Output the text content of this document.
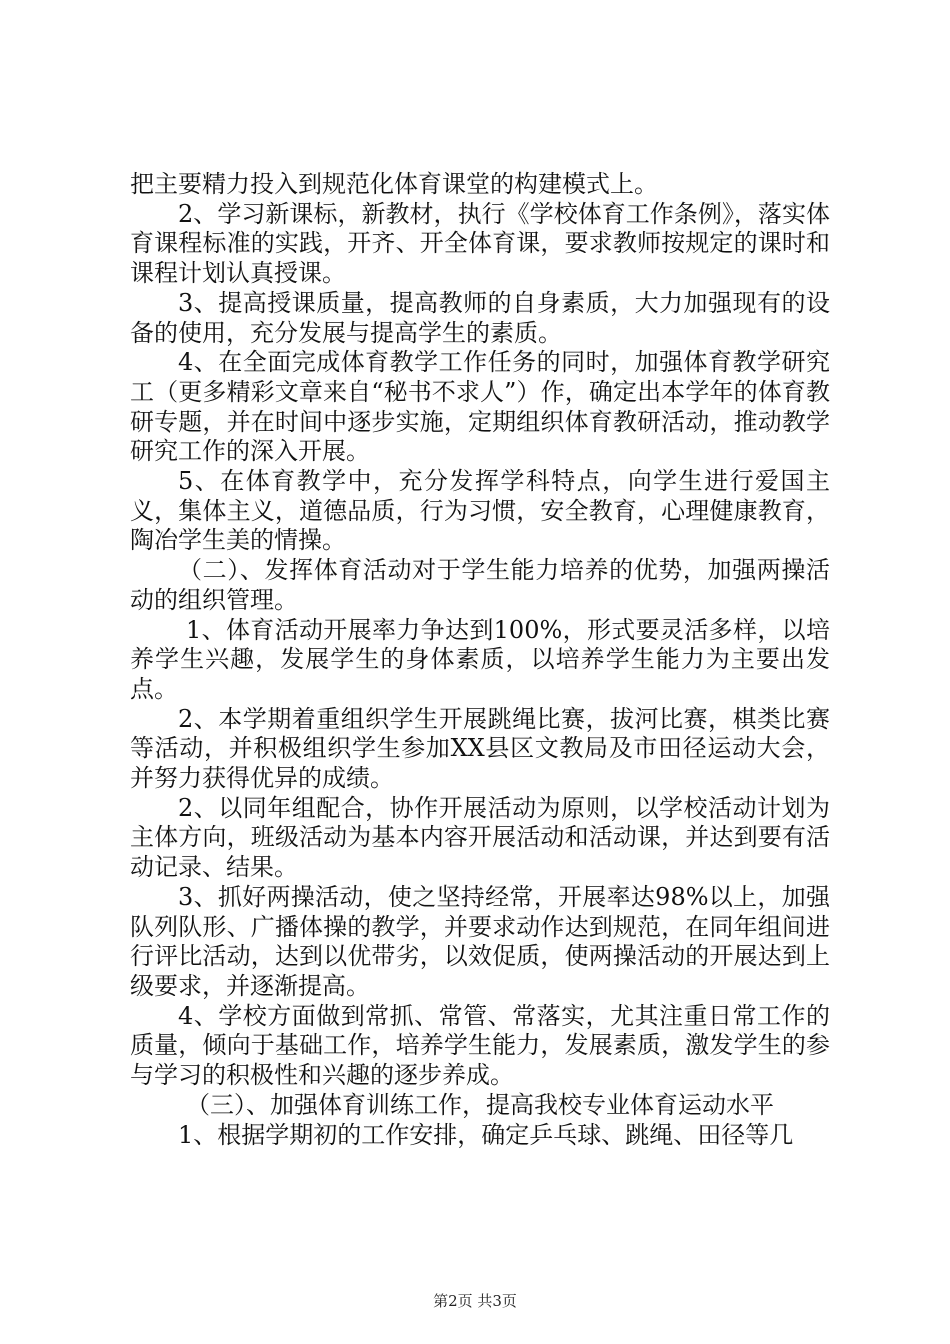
把主要精力投入到规范化体育课堂的构建模式上。

2、学习新课标，新教材，执行《学校体育工作条例》，落实体育课程标准的实践，开齐、开全体育课，要求教师按规定的课时和课程计划认真授课。

3、提高授课质量，提高教师的自身素质，大力加强现有的设备的使用，充分发展与提高学生的素质。

4、在全面完成体育教学工作任务的同时，加强体育教学研究工（更多精彩文章来自“秘书不求人”）作，确定出本学年的体育教研专题，并在时间中逐步实施，定期组织体育教研活动，推动教学研究工作的深入开展。

5、在体育教学中，充分发挥学科特点，向学生进行爱国主义，集体主义，道德品质，行为习惯，安全教育，心理健康教育，陶冶学生美的情操。

（二）、发挥体育活动对于学生能力培养的优势，加强两操活动的组织管理。

1、体育活动开展率力争达到100%，形式要灵活多样，以培养学生兴趣，发展学生的身体素质，以培养学生能力为主要出发点。

2、本学期着重组织学生开展跳绳比赛，拔河比赛，棋类比赛等活动，并积极组织学生参加XX县区文教局及市田径运动大会，并努力获得优异的成绩。

2、以同年组配合，协作开展活动为原则，以学校活动计划为主体方向，班级活动为基本内容开展活动和活动课，并达到要有活动记录、结果。

3、抓好两操活动，使之坚持经常，开展率达98%以上，加强队列队形、广播体操的教学，并要求动作达到规范，在同年组间进行评比活动，达到以优带劣，以效促质，使两操活动的开展达到上级要求，并逐渐提高。

4、学校方面做到常抓、常管、常落实，尤其注重日常工作的质量，倾向于基础工作，培养学生能力，发展素质，激发学生的参与学习的积极性和兴趣的逐步养成。

（三）、加强体育训练工作，提高我校专业体育运动水平

1、根据学期初的工作安排，确定乒乓球、跳绳、田径等几

第2页 共3页
